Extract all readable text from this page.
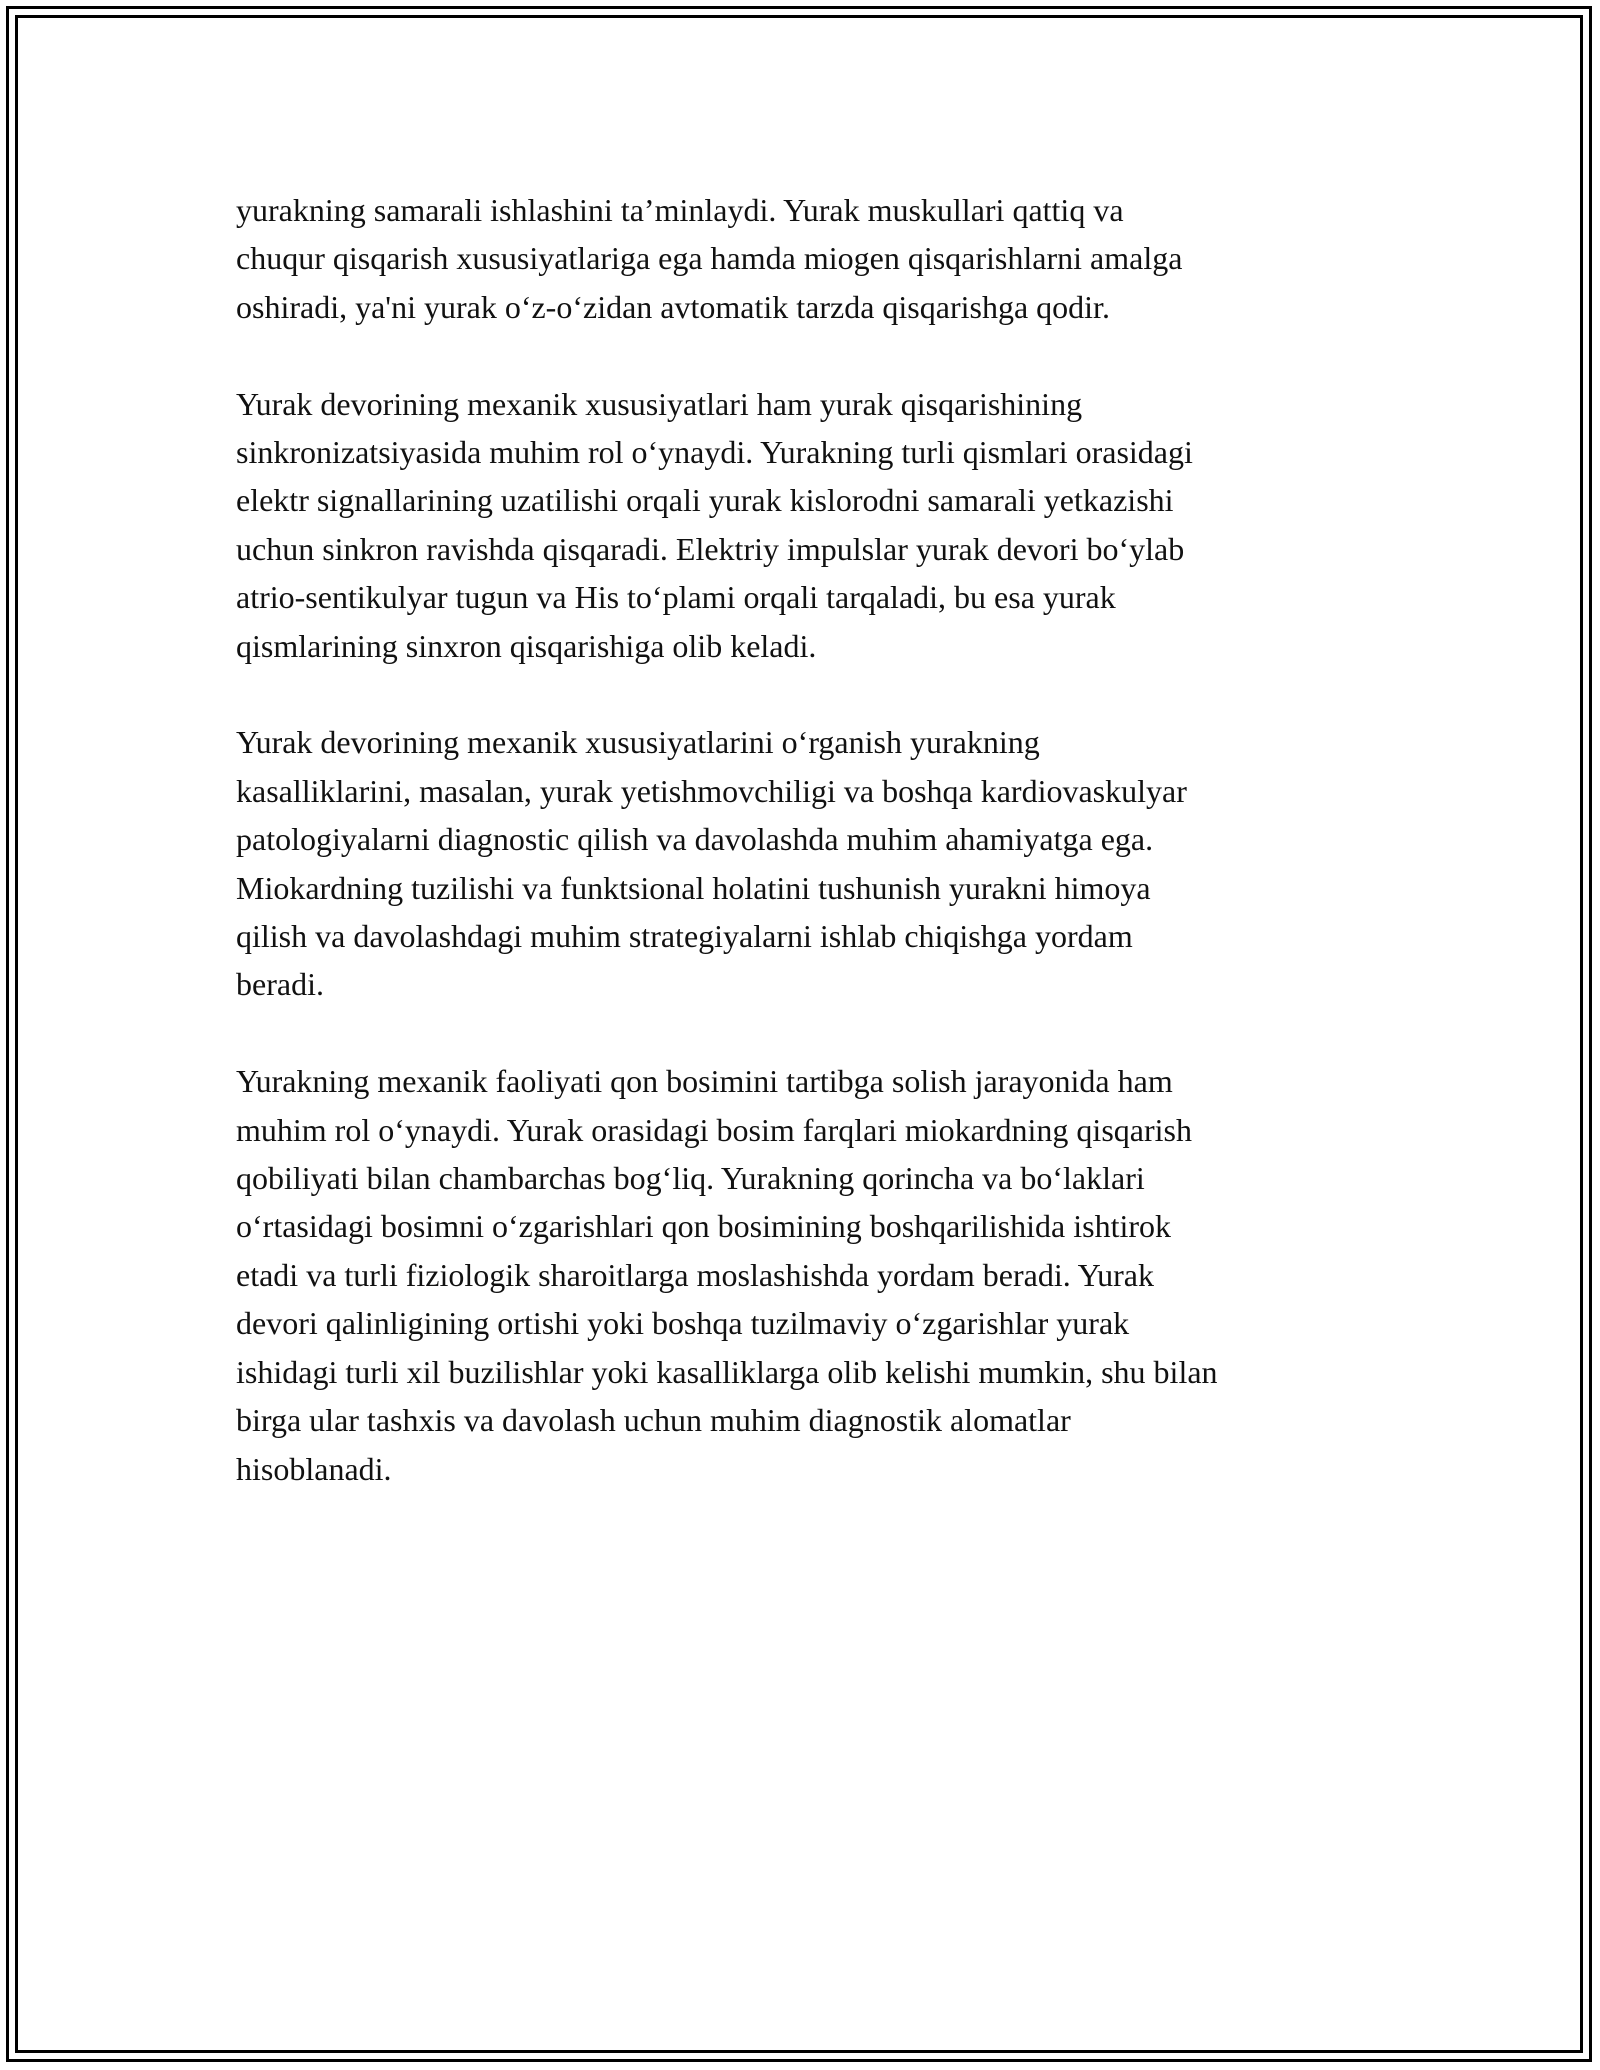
yurakning samarali ishlashini ta’minlaydi. Yurak muskullari qattiq va
chuqur qisqarish xususiyatlariga ega hamda miogen qisqarishlarni amalga
oshiradi, ya'ni yurak o‘z-o‘zidan avtomatik tarzda qisqarishga qodir.

Yurak devorining mexanik xususiyatlari ham yurak qisqarishining
sinkronizatsiyasida muhim rol o‘ynaydi. Yurakning turli qismlari orasidagi
elektr signallarining uzatilishi orqali yurak kislorodni samarali yetkazishi
uchun sinkron ravishda qisqaradi. Elektriy impulslar yurak devori bo‘ylab
atrio-sentikulyar tugun va His to‘plami orqali tarqaladi, bu esa yurak
qismlarining sinxron qisqarishiga olib keladi.

Yurak devorining mexanik xususiyatlarini o‘rganish yurakning
kasalliklarini, masalan, yurak yetishmovchiligi va boshqa kardiovaskulyar
patologiyalarni diagnostic qilish va davolashda muhim ahamiyatga ega.
Miokardning tuzilishi va funktsional holatini tushunish yurakni himoya
qilish va davolashdagi muhim strategiyalarni ishlab chiqishga yordam
beradi.

Yurakning mexanik faoliyati qon bosimini tartibga solish jarayonida ham
muhim rol o‘ynaydi. Yurak orasidagi bosim farqlari miokardning qisqarish
qobiliyati bilan chambarchas bog‘liq. Yurakning qorincha va bo‘laklari
o‘rtasidagi bosimni o‘zgarishlari qon bosimining boshqarilishida ishtirok
etadi va turli fiziologik sharoitlarga moslashishda yordam beradi. Yurak
devori qalinligining ortishi yoki boshqa tuzilmaviy o‘zgarishlar yurak
ishidagi turli xil buzilishlar yoki kasalliklarga olib kelishi mumkin, shu bilan
birga ular tashxis va davolash uchun muhim diagnostik alomatlar
hisoblanadi.
